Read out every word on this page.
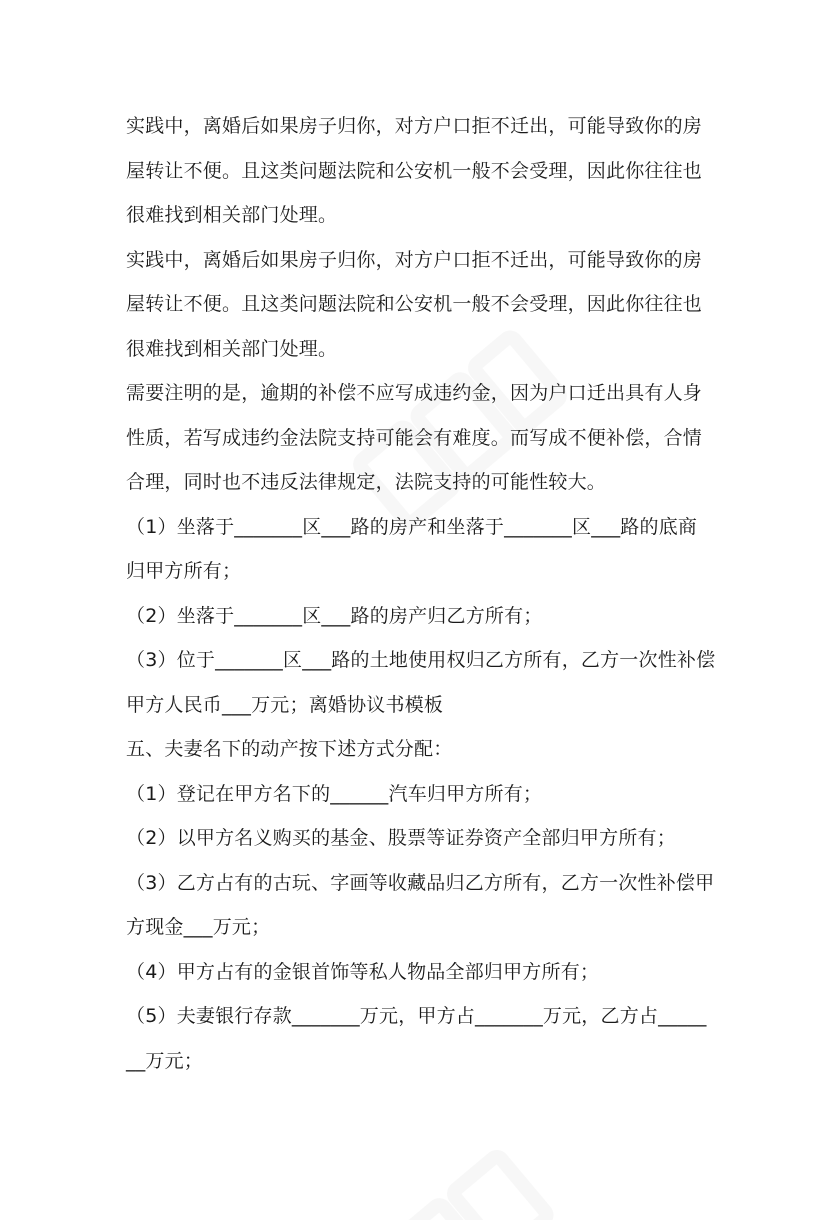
实践中，离婚后如果房子归你，对方户口拒不迁出，可能导致你的房屋转让不便。且这类问题法院和公安机一般不会受理，因此你往往也很难找到相关部门处理。

实践中，离婚后如果房子归你，对方户口拒不迁出，可能导致你的房屋转让不便。且这类问题法院和公安机一般不会受理，因此你往往也很难找到相关部门处理。

需要注明的是，逾期的补偿不应写成违约金，因为户口迁出具有人身性质，若写成违约金法院支持可能会有难度。而写成不便补偿，合情合理，同时也不违反法律规定，法院支持的可能性较大。

（1）坐落于_______区___路的房产和坐落于_______区___路的底商归甲方所有；

（2）坐落于_______区___路的房产归乙方所有；

（3）位于_______区___路的土地使用权归乙方所有，乙方一次性补偿甲方人民币___万元；离婚协议书模板

五、夫妻名下的动产按下述方式分配：

（1）登记在甲方名下的______汽车归甲方所有；

（2）以甲方名义购买的基金、股票等证券资产全部归甲方所有；

（3）乙方占有的古玩、字画等收藏品归乙方所有，乙方一次性补偿甲方现金___万元；

（4）甲方占有的金银首饰等私人物品全部归甲方所有；

（5）夫妻银行存款_______万元，甲方占_______万元，乙方占_______万元；
